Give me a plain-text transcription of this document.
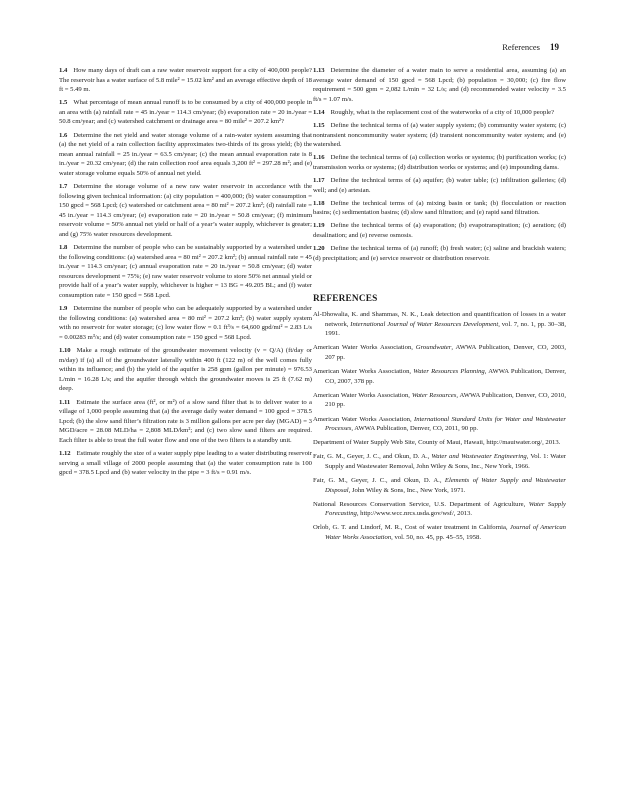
References 19

1.4 How many days of draft can a raw water reservoir support for a city of 400,000 people? The reservoir has a water surface of 5.8 mile² = 15.02 km² and an average effective depth of 18 ft = 5.49 m.

1.5 What percentage of mean annual runoff is to be consumed by a city of 400,000 people in an area with (a) rainfall rate = 45 in./year = 114.3 cm/year; (b) evaporation rate = 20 in./year = 50.8 cm/year; and (c) watershed catchment or drainage area = 80 mile² = 207.2 km²?

1.6 Determine the net yield and water storage volume of a rain-water system assuming that (a) the net yield of a rain collection facility approximates two-thirds of its gross yield; (b) the mean annual rainfall = 25 in./year = 63.5 cm/year; (c) the mean annual evaporation rate is 8 in./year = 20.32 cm/year; (d) the rain collection roof area equals 3,200 ft² = 297.28 m²; and (e) water storage volume equals 50% of annual net yield.

1.7 Determine the storage volume of a new raw water reservoir in accordance with the following given technical information: (a) city population = 400,000; (b) water consumption = 150 gpcd = 568 Lpcd; (c) watershed or catchment area = 80 mi² = 207.2 km²; (d) rainfall rate = 45 in./year = 114.3 cm/year; (e) evaporation rate = 20 in./year = 50.8 cm/year; (f) minimum reservoir volume = 50% annual net yield or half of a year’s water supply, whichever is greater; and (g) 75% water resources development.

1.8 Determine the number of people who can be sustainably supported by a watershed under the following conditions: (a) watershed area = 80 mi² = 207.2 km²; (b) annual rainfall rate = 45 in./year = 114.3 cm/year; (c) annual evaporation rate = 20 in./year = 50.8 cm/year; (d) water resources development = 75%; (e) raw water reservoir volume to store 50% net annual yield or provide half of a year’s water supply, whichever is higher = 13 BG = 49.205 BL; and (f) water consumption rate = 150 gpcd = 568 Lpcd.

1.9 Determine the number of people who can be adequately supported by a watershed under the following conditions: (a) watershed area = 80 mi² = 207.2 km²; (b) water supply system with no reservoir for water storage; (c) low water flow = 0.1 ft³/s = 64,600 gpd/mi² = 2.83 L/s = 0.00283 m³/s; and (d) water consumption rate = 150 gpcd = 568 Lpcd.

1.10 Make a rough estimate of the groundwater movement velocity (v = Q/A) (ft/day or m/day) if (a) all of the groundwater laterally within 400 ft (122 m) of the well comes fully within its influence; and (b) the yield of the aquifer is 258 gpm (gallon per minute) = 976.53 L/min = 16.28 L/s; and the aquifer through which the groundwater moves is 25 ft (7.62 m) deep.

1.11 Estimate the surface area (ft², or m²) of a slow sand filter that is to deliver water to a village of 1,000 people assuming that (a) the average daily water demand = 100 gpcd = 378.5 Lpcd; (b) the slow sand filter’s filtration rate is 3 million gallons per acre per day (MGAD) = 3 MGD/acre = 28.08 MLD/ha = 2,808 MLD/km²; and (c) two slow sand filters are required. Each filter is able to treat the full water flow and one of the two filters is a standby unit.

1.12 Estimate roughly the size of a water supply pipe leading to a water distributing reservoir serving a small village of 2000 people assuming that (a) the water consumption rate is 100 gpcd = 378.5 Lpcd and (b) water velocity in the pipe = 3 ft/s = 0.91 m/s.

1.13 Determine the diameter of a water main to serve a residential area, assuming (a) an average water demand of 150 gpcd = 568 Lpcd; (b) population = 30,000; (c) fire flow requirement = 500 gpm = 2,082 L/min = 32 L/s; and (d) recommended water velocity = 3.5 ft/s = 1.07 m/s.

1.14 Roughly, what is the replacement cost of the waterworks of a city of 10,000 people?

1.15 Define the technical terms of (a) water supply system; (b) community water system; (c) nontransient noncommunity water system; (d) transient noncommunity water system; and (e) watershed.

1.16 Define the technical terms of (a) collection works or systems; (b) purification works; (c) transmission works or systems; (d) distribution works or systems; and (e) impounding dams.

1.17 Define the technical terms of (a) aquifer; (b) water table; (c) infiltration galleries; (d) well; and (e) artesian.

1.18 Define the technical terms of (a) mixing basin or tank; (b) flocculation or reaction basins; (c) sedimentation basins; (d) slow sand filtration; and (e) rapid sand filtration.

1.19 Define the technical terms of (a) evaporation; (b) evapotranspiration; (c) aeration; (d) desalination; and (e) reverse osmosis.

1.20 Define the technical terms of (a) runoff; (b) fresh water; (c) saline and brackish waters; (d) precipitation; and (e) service reservoir or distribution reservoir.

REFERENCES

Al-Dhowalia, K. and Shammas, N. K., Leak detection and quantification of losses in a water network, International Journal of Water Resources Development, vol. 7, no. 1, pp. 30–38, 1991.

American Water Works Association, Groundwater, AWWA Publication, Denver, CO, 2003, 207 pp.

American Water Works Association, Water Resources Planning, AWWA Publication, Denver, CO, 2007, 378 pp.

American Water Works Association, Water Resources, AWWA Publication, Denver, CO, 2010, 210 pp.

American Water Works Association, International Standard Units for Water and Wastewater Processes, AWWA Publication, Denver, CO, 2011, 90 pp.

Department of Water Supply Web Site, County of Maui, Hawaii, http://mauiwater.org/, 2013.

Fair, G. M., Geyer, J. C., and Okun, D. A., Water and Wastewater Engineering, Vol. 1: Water Supply and Wastewater Removal, John Wiley & Sons, Inc., New York, 1966.

Fair, G. M., Geyer, J. C., and Okun, D. A., Elements of Water Supply and Wastewater Disposal, John Wiley & Sons, Inc., New York, 1971.

National Resources Conservation Service, U.S. Department of Agriculture, Water Supply Forecasting, http://www.wcc.nrcs.usda.gov/wsf/, 2013.

Orlob, G. T. and Lindorf, M. R., Cost of water treatment in California, Journal of American Water Works Association, vol. 50, no. 45, pp. 45–55, 1958.
